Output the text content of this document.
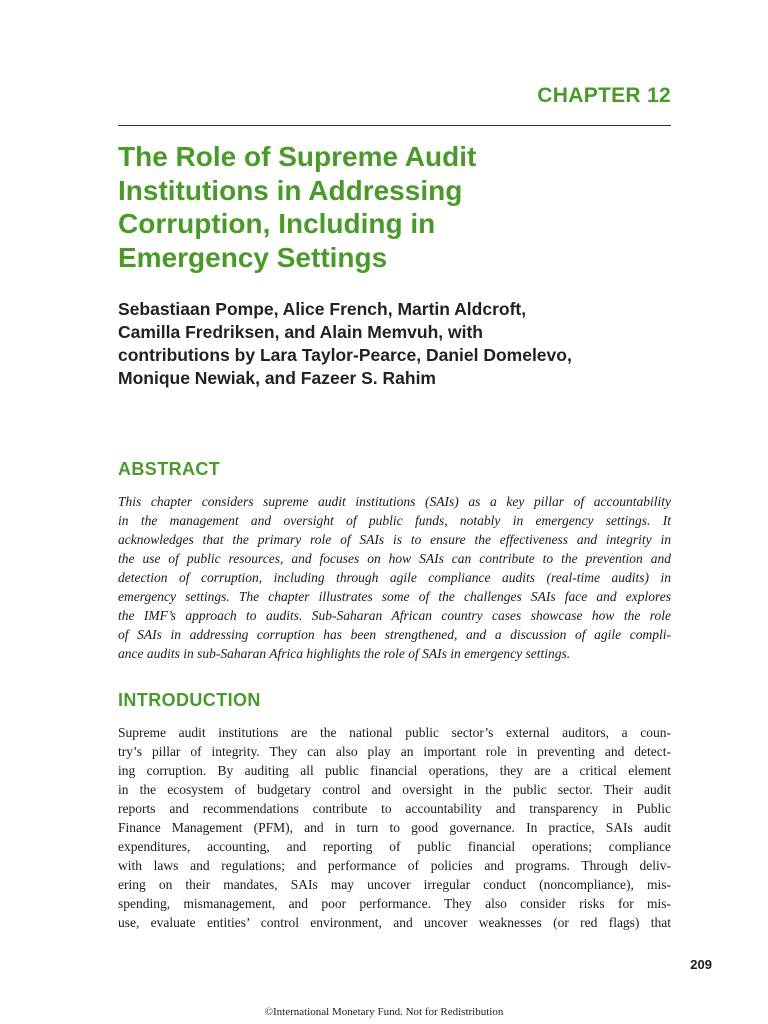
CHAPTER 12
The Role of Supreme Audit
Institutions in Addressing
Corruption, Including in
Emergency Settings

Sebastiaan Pompe, Alice French, Martin Aldcroft,
Camilla Fredriksen, and Alain Memvuh, with
contributions by Lara Taylor-Pearce, Daniel Domelevo,
Monique Newiak, and Fazeer S. Rahim

ABSTRACT
This chapter considers supreme audit institutions (SAIs) as a key pillar of accountability
in the management and oversight of public funds, notably in emergency settings. It
acknowledges that the primary role of SAIs is to ensure the effectiveness and integrity in
the use of public resources, and focuses on how SAIs can contribute to the prevention and
detection of corruption, including through agile compliance audits (real-time audits) in
emergency settings. The chapter illustrates some of the challenges SAIs face and explores
the IMF’s approach to audits. Sub-Saharan African country cases showcase how the role
of SAIs in addressing corruption has been strengthened, and a discussion of agile compli-
ance audits in sub-Saharan Africa highlights the role of SAIs in emergency settings.
INTRODUCTION
Supreme audit institutions are the national public sector’s external auditors, a coun-
try’s pillar of integrity. They can also play an important role in preventing and detect-
ing corruption. By auditing all public financial operations, they are a critical element
in the ecosystem of budgetary control and oversight in the public sector. Their audit
reports and recommendations contribute to accountability and transparency in Public
Finance Management (PFM), and in turn to good governance. In practice, SAIs audit
expenditures, accounting, and reporting of public financial operations; compliance
with laws and regulations; and performance of policies and programs. Through deliv-
ering on their mandates, SAIs may uncover irregular conduct (noncompliance), mis-
spending, mismanagement, and poor performance. They also consider risks for mis-
use, evaluate entities’ control environment, and uncover weaknesses (or red flags) that
209
©International Monetary Fund. Not for Redistribution
